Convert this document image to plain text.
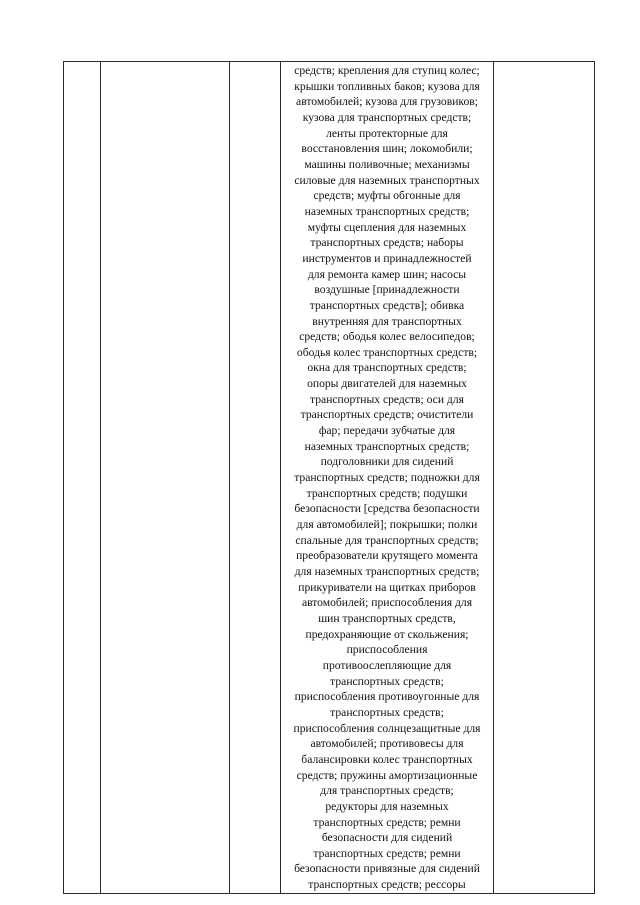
средств; крепления для ступиц колес;
крышки топливных баков; кузова для
автомобилей; кузова для грузовиков;
кузова для транспортных средств;
ленты протекторные для
восстановления шин; локомобили;
машины поливочные; механизмы
силовые для наземных транспортных
средств; муфты обгонные для
наземных транспортных средств;
муфты сцепления для наземных
транспортных средств; наборы
инструментов и принадлежностей
для ремонта камер шин; насосы
воздушные [принадлежности
транспортных средств]; обивка
внутренняя для транспортных
средств; ободья колес велосипедов;
ободья колес транспортных средств;
окна для транспортных средств;
опоры двигателей для наземных
транспортных средств; оси для
транспортных средств; очистители
фар; передачи зубчатые для
наземных транспортных средств;
подголовники для сидений
транспортных средств; подножки для
транспортных средств; подушки
безопасности [средства безопасности
для автомобилей]; покрышки; полки
спальные для транспортных средств;
преобразователи крутящего момента
для наземных транспортных средств;
прикуриватели на щитках приборов
автомобилей; приспособления для
шин транспортных средств,
предохраняющие от скольжения;
приспособления
противоослепляющие для
транспортных средств;
приспособления противоугонные для
транспортных средств;
приспособления солнцезащитные для
автомобилей; противовесы для
балансировки колес транспортных
средств; пружины амортизационные
для транспортных средств;
редукторы для наземных
транспортных средств; ремни
безопасности для сидений
транспортных средств; ремни
безопасности привязные для сидений
транспортных средств; рессоры
